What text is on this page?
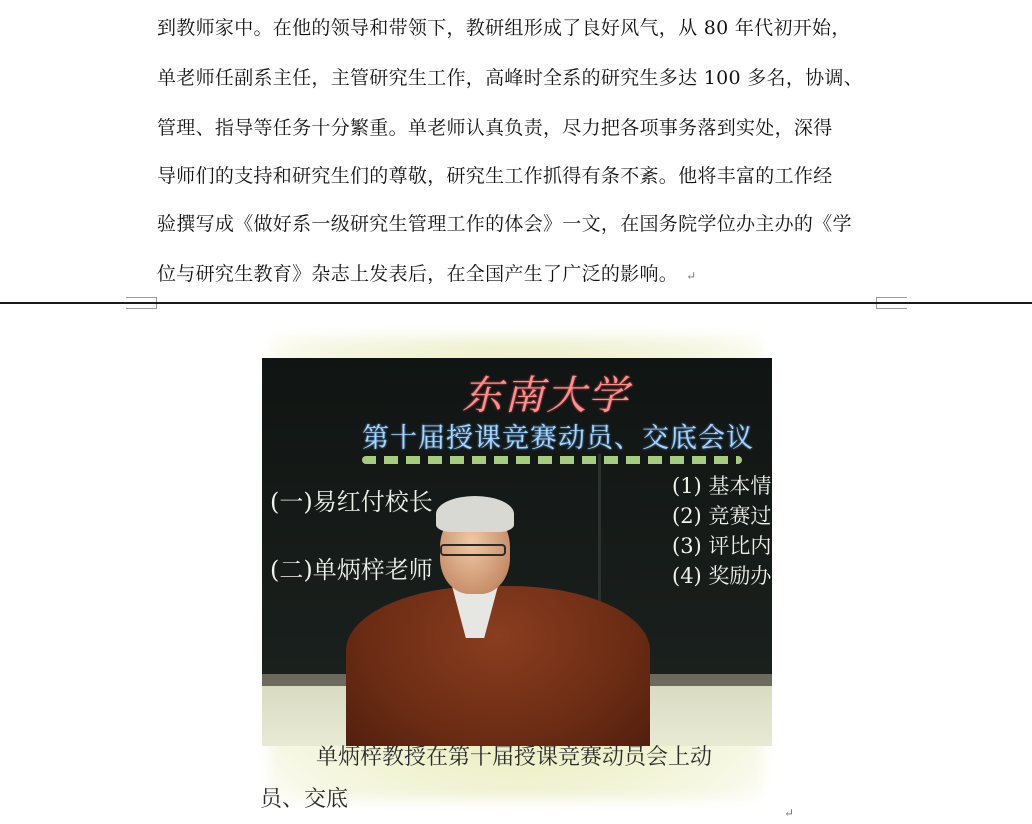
到教师家中。在他的领导和带领下，教研组形成了良好风气，从 80 年代初开始，
单老师任副系主任，主管研究生工作，高峰时全系的研究生多达 100 多名，协调、
管理、指导等任务十分繁重。单老师认真负责，尽力把各项事务落到实处，深得
导师们的支持和研究生们的尊敬，研究生工作抓得有条不紊。他将丰富的工作经
验撰写成《做好系一级研究生管理工作的体会》一文，在国务院学位办主办的《学
位与研究生教育》杂志上发表后，在全国产生了广泛的影响。 ↵
东南大学
第十届授课竞赛动员、交底会议
(一)易红付校长
(二)单炳梓老师
(1) 基本情
(2) 竞赛过
(3) 评比内
(4) 奖励办
单炳梓教授在第十届授课竞赛动员会上动
员、交底
↵
